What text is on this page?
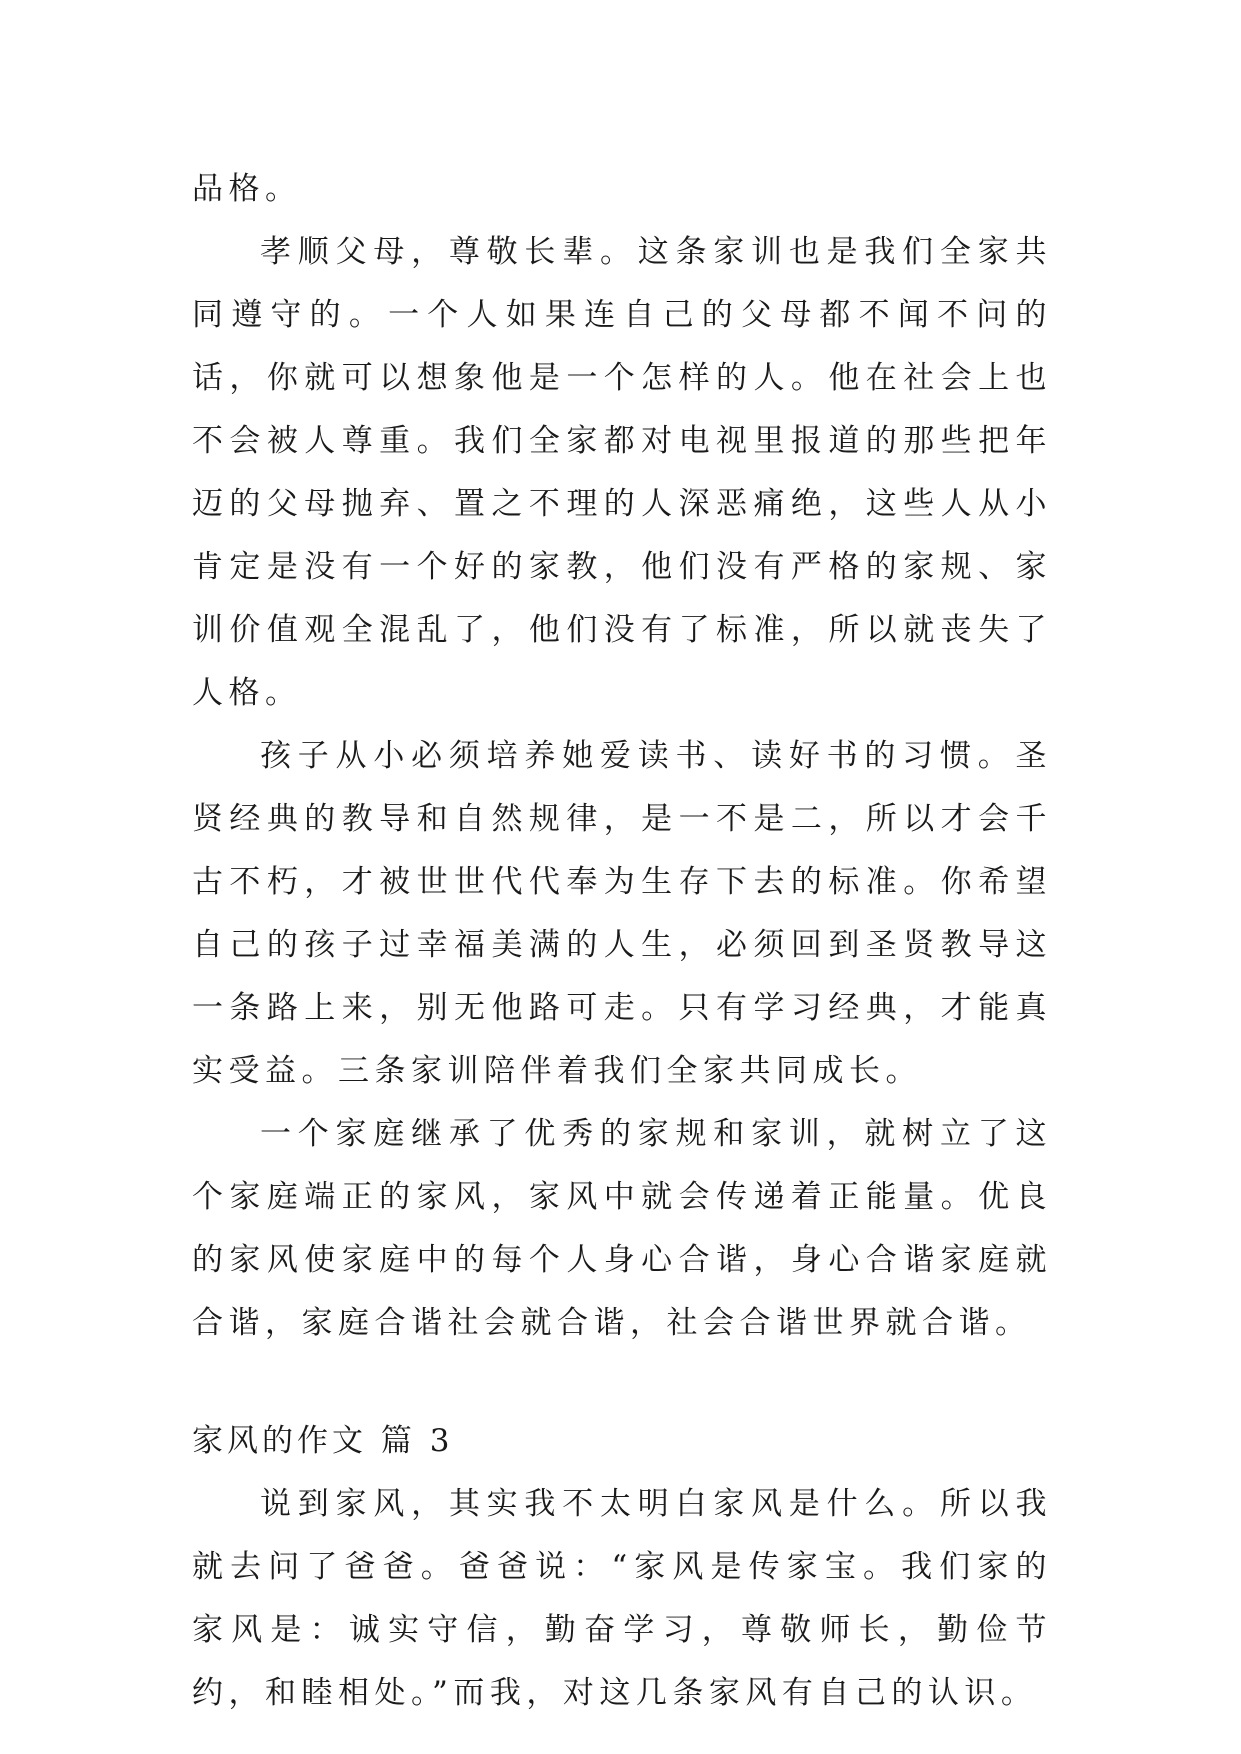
品格。

孝顺父母，尊敬长辈。这条家训也是我们全家共同遵守的。一个人如果连自己的父母都不闻不问的话，你就可以想象他是一个怎样的人。他在社会上也不会被人尊重。我们全家都对电视里报道的那些把年迈的父母抛弃、置之不理的人深恶痛绝，这些人从小肯定是没有一个好的家教，他们没有严格的家规、家训价值观全混乱了，他们没有了标准，所以就丧失了人格。

孩子从小必须培养她爱读书、读好书的习惯。圣贤经典的教导和自然规律，是一不是二，所以才会千古不朽，才被世世代代奉为生存下去的标准。你希望自己的孩子过幸福美满的人生，必须回到圣贤教导这一条路上来，别无他路可走。只有学习经典，才能真实受益。三条家训陪伴着我们全家共同成长。

一个家庭继承了优秀的家规和家训，就树立了这个家庭端正的家风，家风中就会传递着正能量。优良的家风使家庭中的每个人身心合谐，身心合谐家庭就合谐，家庭合谐社会就合谐，社会合谐世界就合谐。

家风的作文 篇 3

说到家风，其实我不太明白家风是什么。所以我就去问了爸爸。爸爸说：“家风是传家宝。我们家的家风是：诚实守信，勤奋学习，尊敬师长，勤俭节约，和睦相处。”而我，对这几条家风有自己的认识。
